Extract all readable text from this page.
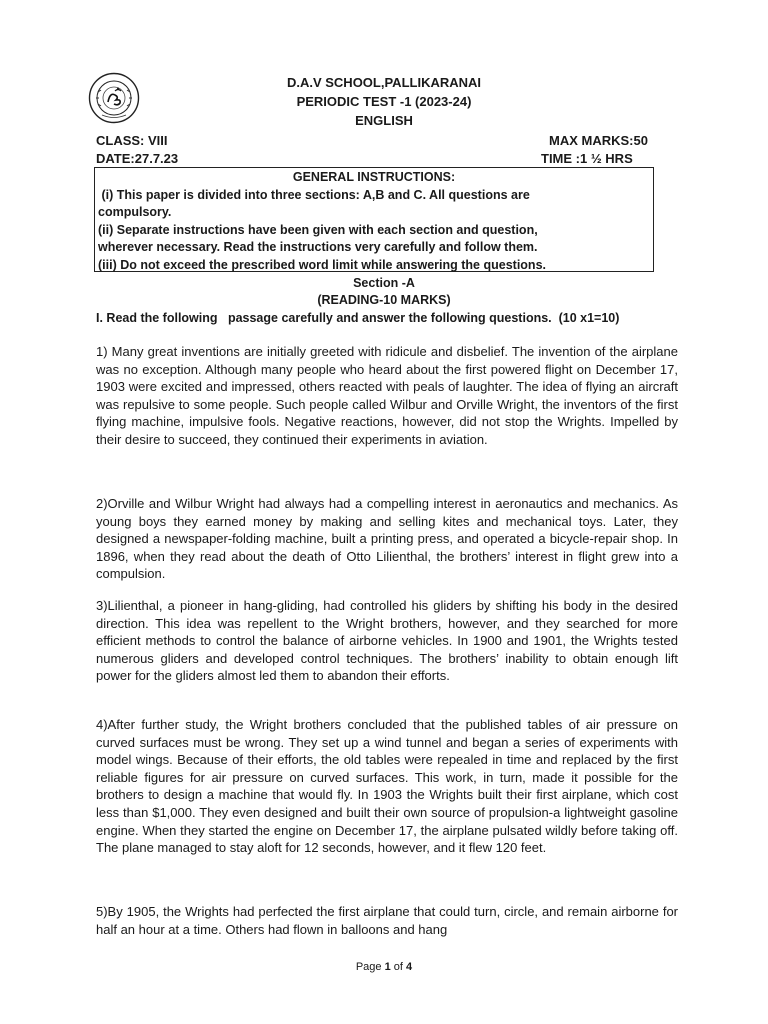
D.A.V SCHOOL,PALLIKARANAI
PERIODIC TEST -1 (2023-24)
ENGLISH
CLASS: VIII
DATE:27.7.23
MAX MARKS:50
TIME :1 ½ HRS
GENERAL INSTRUCTIONS:
(i) This paper is divided into three sections: A,B and C. All questions are
compulsory.
(ii) Separate instructions have been given with each section and question,
wherever necessary. Read the instructions very carefully and follow them.
(iii) Do not exceed the prescribed word limit while answering the questions.
Section -A
(READING-10 MARKS)
I. Read the following   passage carefully and answer the following questions.  (10 x1=10)

1) Many great inventions are initially greeted with ridicule and disbelief. The invention of the airplane was no exception. Although many people who heard about the first powered flight on December 17, 1903 were excited and impressed, others reacted with peals of laughter. The idea of flying an aircraft was repulsive to some people. Such people called Wilbur and Orville Wright, the inventors of the first flying machine, impulsive fools. Negative reactions, however, did not stop the Wrights. Impelled by their desire to succeed, they continued their experiments in aviation.

2)Orville and Wilbur Wright had always had a compelling interest in aeronautics and mechanics. As young boys they earned money by making and selling kites and mechanical toys. Later, they designed a newspaper-folding machine, built a printing press, and operated a bicycle-repair shop. In 1896, when they read about the death of Otto Lilienthal, the brothers’ interest in flight grew into a compulsion.

3)Lilienthal, a pioneer in hang-gliding, had controlled his gliders by shifting his body in the desired direction. This idea was repellent to the Wright brothers, however, and they searched for more efficient methods to control the balance of airborne vehicles. In 1900 and 1901, the Wrights tested numerous gliders and developed control techniques. The brothers’ inability to obtain enough lift power for the gliders almost led them to abandon their efforts.

4)After further study, the Wright brothers concluded that the published tables of air pressure on curved surfaces must be wrong. They set up a wind tunnel and began a series of experiments with model wings. Because of their efforts, the old tables were repealed in time and replaced by the first reliable figures for air pressure on curved surfaces. This work, in turn, made it possible for the brothers to design a machine that would fly. In 1903 the Wrights built their first airplane, which cost less than $1,000. They even designed and built their own source of propulsion-a lightweight gasoline engine. When they started the engine on December 17, the airplane pulsated wildly before taking off. The plane managed to stay aloft for 12 seconds, however, and it flew 120 feet.

5)By 1905, the Wrights had perfected the first airplane that could turn, circle, and remain airborne for half an hour at a time. Others had flown in balloons and hang

Page 1 of 4
